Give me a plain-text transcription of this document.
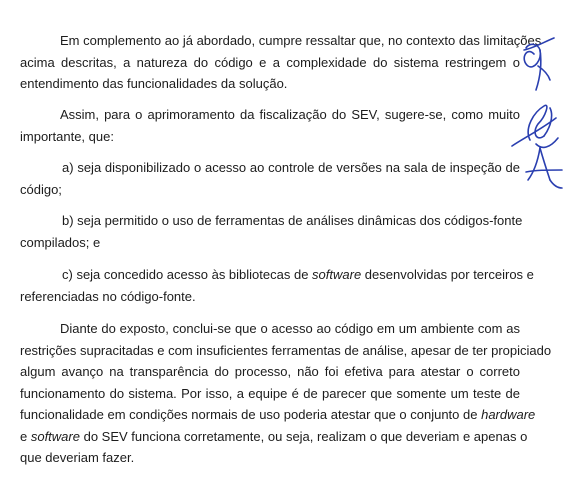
Em complemento ao já abordado, cumpre ressaltar que, no contexto das limitações
acima descritas, a natureza do código e a complexidade do sistema restringem o
entendimento das funcionalidades da solução.
Assim, para o aprimoramento da fiscalização do SEV, sugere-se, como muito
importante, que:
a) seja disponibilizado o acesso ao controle de versões na sala de inspeção de
código;
b) seja permitido o uso de ferramentas de análises dinâmicas dos códigos-fonte
compilados; e
c) seja concedido acesso às bibliotecas de software desenvolvidas por terceiros e
referenciadas no código-fonte.
Diante do exposto, conclui-se que o acesso ao código em um ambiente com as
restrições supracitadas e com insuficientes ferramentas de análise, apesar de ter propiciado
algum avanço na transparência do processo, não foi efetiva para atestar o correto
funcionamento do sistema. Por isso, a equipe é de parecer que somente um teste de
funcionalidade em condições normais de uso poderia atestar que o conjunto de hardware
e software do SEV funciona corretamente, ou seja, realizam o que deveriam e apenas o
que deveriam fazer.
